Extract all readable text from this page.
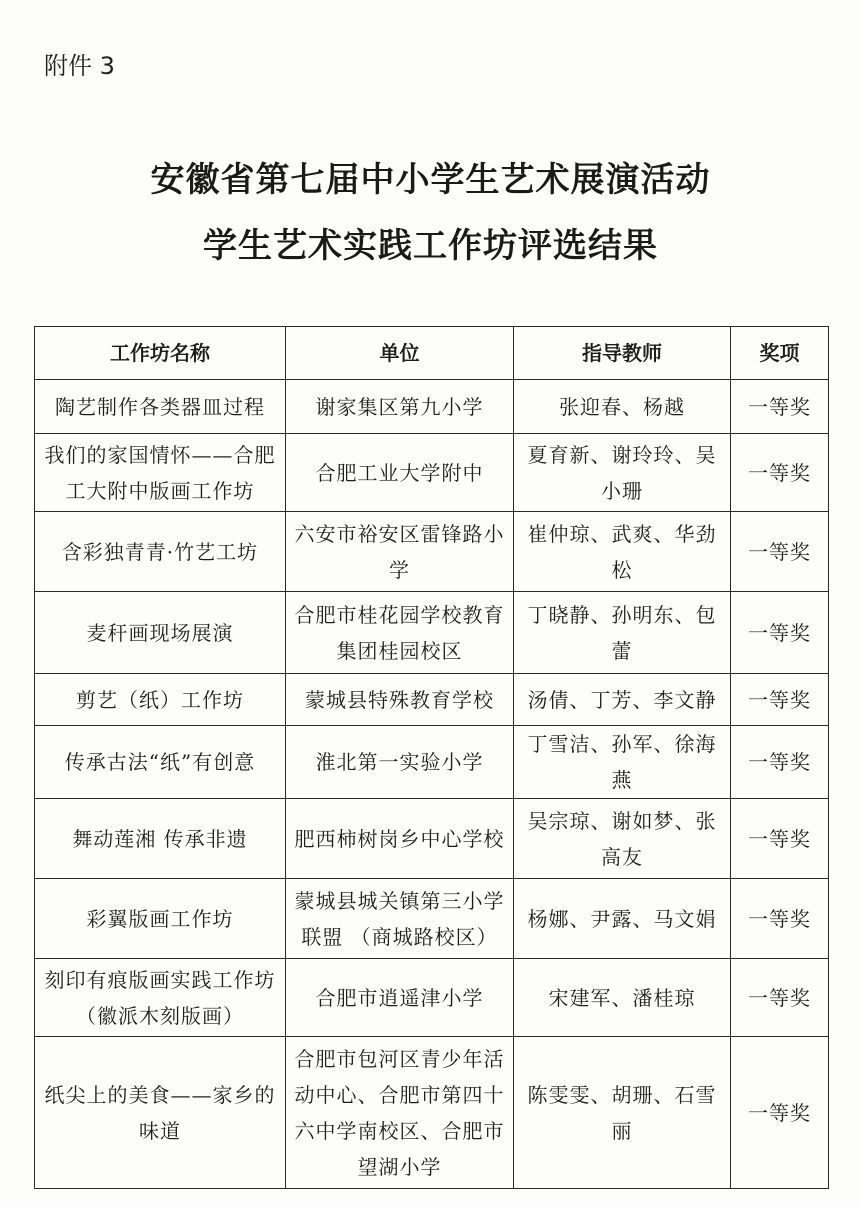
附件 3
安徽省第七届中小学生艺术展演活动
学生艺术实践工作坊评选结果
工作坊名称	单位	指导教师	奖项
陶艺制作各类器皿过程	谢家集区第九小学	张迎春、杨越	一等奖
我们的家国情怀——合肥工大附中版画工作坊	合肥工业大学附中	夏育新、谢玲玲、吴小珊	一等奖
含彩独青青·竹艺工坊	六安市裕安区雷锋路小学	崔仲琼、武爽、华劲松	一等奖
麦秆画现场展演	合肥市桂花园学校教育集团桂园校区	丁晓静、孙明东、包蕾	一等奖
剪艺（纸）工作坊	蒙城县特殊教育学校	汤倩、丁芳、李文静	一等奖
传承古法“纸”有创意	淮北第一实验小学	丁雪洁、孙军、徐海燕	一等奖
舞动莲湘 传承非遗	肥西柿树岗乡中心学校	吴宗琼、谢如梦、张高友	一等奖
彩翼版画工作坊	蒙城县城关镇第三小学联盟 （商城路校区）	杨娜、尹露、马文娟	一等奖
刻印有痕版画实践工作坊（徽派木刻版画）	合肥市逍遥津小学	宋建军、潘桂琼	一等奖
纸尖上的美食——家乡的味道	合肥市包河区青少年活动中心、合肥市第四十六中学南校区、合肥市望湖小学	陈雯雯、胡珊、石雪丽	一等奖
